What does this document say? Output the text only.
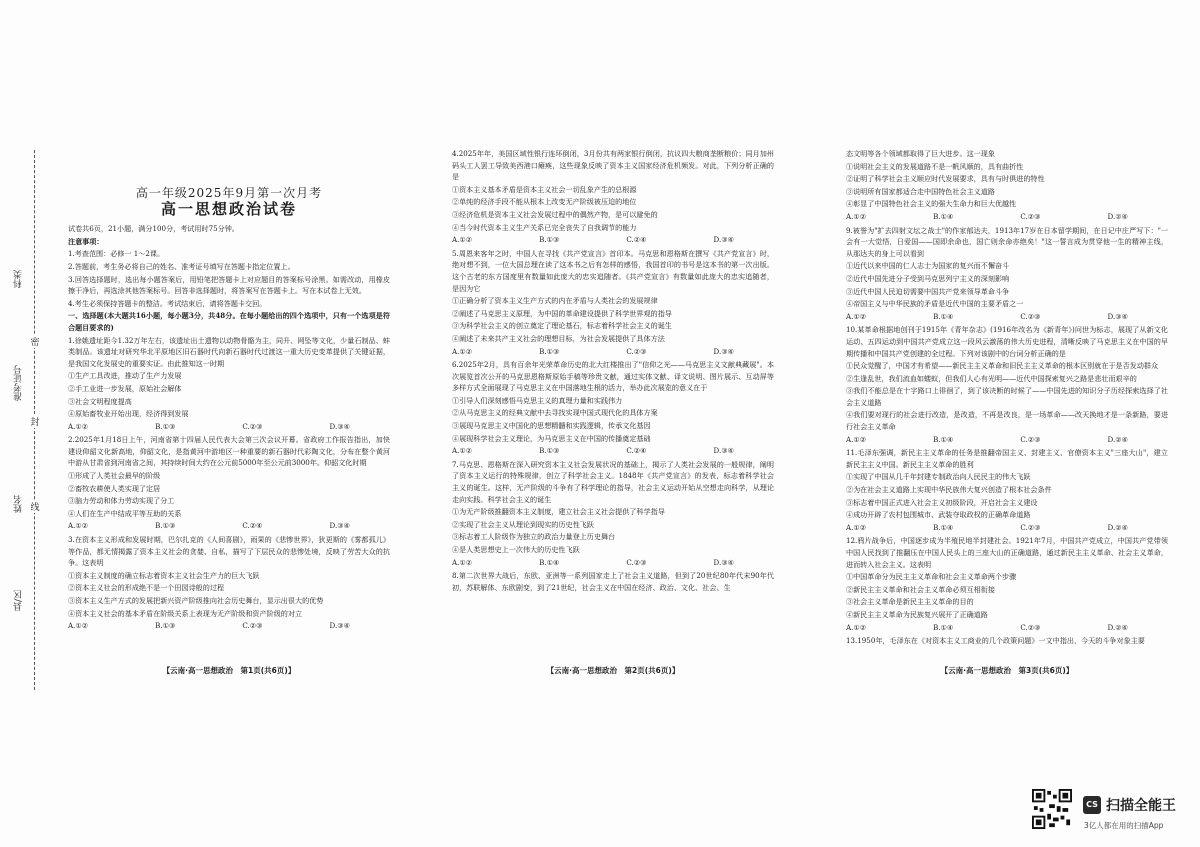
科类
准考证号
姓名
县/区
密
封
线
高一年级2025年9月第一次月考
高一思想政治试卷

试卷共6页，21小题，满分100分，考试用时75分钟。

注意事项：

1.考查范围：必修一 1～2课。

2.答题前，考生务必将自己的姓名、准考证号填写在答题卡指定位置上。

3.回答选择题时，选出每小题答案后，用铅笔把答题卡上对应题目的答案标号涂黑。如需改动，用橡皮擦干净后，再选涂其他答案标号。回答非选择题时，将答案写在答题卡上。写在本试卷上无效。

4.考生必须保持答题卡的整洁。考试结束后，请将答题卡交回。

一、选择题(本大题共16小题，每小题3分，共48分。在每小题给出的四个选项中，只有一个选项是符合题目要求的)

1.徐姚遗址距今1.32万年左右，该遗址出土遗物以动物骨骼为主，同升、网坠等文化，少量石制品、蚌类制品。该遗址对研究华北平原地区旧石器时代向新石器时代过渡这一重大历史变革提供了关键证据，是我国文化发展史的重要实证。由此推知这一时期

①生产工具改进，推动了生产力发展

②手工业进一步发展，原始社会解体

③社会文明程度提高

④原始畜牧业开始出现，经济得到发展

A.①②	B.①③	C.②③	D.③④

2.2025年1月18日上午，河南省第十四届人民代表大会第三次会议开幕。省政府工作报告指出，加快建设仰韶文化新高地，仰韶文化，是指黄河中游地区一种重要的新石器时代彩陶文化，分布在整个黄河中游从甘肃省到河南省之间，其持续时间大约在公元前5000年至公元前3000年。仰韶文化时期

①形成了人类社会最早的阶级

②畜牧农耕使人类实现了定居

③脑力劳动和体力劳动实现了分工

④人们在生产中结成平等互助的关系

A.①②	B.①③	C.②④	D.③④

3.在资本主义形成和发展时期，巴尔扎克的《人间喜剧》，雨果的《悲惨世界》，狄更斯的《雾都孤儿》等作品，都无情揭露了资本主义社会的贪婪、自私，描写了下层民众的悲惨处境，反映了劳苦大众的抗争。这表明

①资本主义制度的确立标志着资本主义社会生产力的巨大飞跃

②资本主义社会的形成绝不是一个田园诗般的过程

③资本主义生产方式的发展把新兴资产阶级推向社会历史舞台，显示出很大的优势

④资本主义社会的基本矛盾在阶级关系上表现为无产阶级和资产阶级的对立

A.①②	B.①③	C.②③	D.③④
【云南·高一思想政治　第1页(共6页)】

4.2025年年，美国区域性银行连环倒闭，3月份共有两家银行倒闭，抗议四大粮商垄断粮价；同月加州码头工人罢工导致美西港口瘫痪，这些现象反映了资本主义国家经济危机频发。对此，下列分析正确的是

①资本主义基本矛盾是资本主义社会一切乱象产生的总根源

②单纯的经济手段不能从根本上改变无产阶级被压迫的地位

③经济危机是资本主义社会发展过程中的偶然产物，是可以避免的

④当今时代资本主义生产关系已完全丧失了自我调节的能力

A.①②	B.①③	C.②④	D.③④

5.周恩来客年之时，中国人在寻找《共产党宣言》首印本。马克思和恩格斯在撰写《共产党宣言》时，绝对想不到，一位大国总理在读了这本书之后有怎样的感悟，我国首印的书号是这本书的第一次出版。这个古老的东方国度里有数量如此庞大的忠实追随者。《共产党宣言》有数量如此庞大的忠实追随者，是因为它

①正确分析了资本主义生产方式的内在矛盾与人类社会的发展规律

②阐述了马克思主义原理，为中国的革命建设提供了科学世界观的指导

③为科学社会主义的创立奠定了理论基石，标志着科学社会主义的诞生

④阐述了未来共产主义社会的理想目标，为社会发展提供了具体方法

A.①②	B.①③	C.②③	D.③④

6.2025年2月，具有百余年光荣革命历史的北大红楼推出了"信仰之光——马克思主义文献典藏展"。本次展览首次公开的马克思恩格斯原始手稿等珍贵文献，通过实体文献、译文说明、图片展示、互动屏等多样方式全面展现了马克思主义在中国落地生根的活力，举办此次展览的意义在于

①引导人们深刻感悟马克思主义的真理力量和实践伟力

②从马克思主义的经典文献中去寻找实现中国式现代化的具体方案

③展现马克思主义中国化的思想精髓和实践逻辑，传承文化基因

④展现科学社会主义理论，为马克思主义在中国的传播奠定基础

A.①②	B.①③	C.②④	D.③④

7.马克思、恩格斯在深入研究资本主义社会发展状况的基础上，揭示了人类社会发展的一般规律，阐明了资本主义运行的特殊规律，创立了科学社会主义。1848年《共产党宣言》的发表，标志着科学社会主义的诞生。这样，无产阶级的斗争有了科学理论的指导，社会主义运动开始从空想走向科学，从理论走向实践。科学社会主义的诞生

①为无产阶级推翻资本主义制度，建立社会主义社会提供了科学指导

②实现了社会主义从理论到现实的历史性飞跃

③标志着工人阶级作为独立的政治力量登上历史舞台

④是人类思想史上一次伟大的历史性飞跃

A.①②	B.①④	C.②③	D.③④

8.第二次世界大战后，东欧、亚洲等一系列国家走上了社会主义道路，但到了20世纪80年代末90年代初，苏联解体、东欧剧变，到了21世纪，社会主义在中国在经济、政治、文化、社会、生

【云南·高一思想政治　第2页(共6页)】

态文明等各个领域都取得了巨大进步。这一现象

①说明社会主义的发展道路不是一帆风顺的，具有曲折性

②证明了科学社会主义顺应时代发展要求，具有与时俱进的特性

③说明所有国家都适合走中国特色社会主义道路

④彰显了中国特色社会主义的强大生命力和巨大优越性

A.①②	B.①④	C.②③	D.②④

9.被誉为"扩去四射文坛之战士"的作家郁达夫，1913年17岁在日本留学期间，在日记中庄严写下："一会有一大觉悟，日爱国——国即余命也，国亡则余命亦绝矣！"这一誓言成为贯穿他一生的精神主线，从那达夫的身上可以看到

①近代以来中国的仁人志士为国家的复兴而不懈奋斗

②近代中国先进分子受到马克思列宁主义的深刻影响

③近代中国人民迫切需要中国共产党来领导革命斗争

④帝国主义与中华民族的矛盾是近代中国的主要矛盾之一

A.①②	B.①④	C.②③	D.③④

10.某革命根据地创刊于1915年《青年杂志》(1916年改名为《新青年》)问世为标志，展现了从新文化运动、五四运动到中国共产党成立这一段风云激荡的伟大历史进程，清晰反映了马克思主义在中国的早期传播和中国共产党创建的全过程。下列对该剧中的台词分析正确的是

①民众觉醒了，中国才有希望——新民主主义革命和旧民主主义革命的根本区别就在于是否发动群众

②生逢乱世，我们流血如蝼蚁，但我们人心有光明——近代中国探索复兴之路是悲壮而艰辛的

③我们不能总是在十字路口上徘徊了，到了该决断的时候了——中国先进的知识分子历经探索选择了社会主义道路

④我们要对现行的社会进行改造，是改造，不再是改良，是一场革命——改天换地才是一条新路，要进行社会主义革命

A.①②	B.①④	C.②③	D.②④

11.毛泽东强调，新民主主义革命的任务是推翻帝国主义、封建主义、官僚资本主义"三座大山"，建立新民主主义中国。新民主主义革命的胜利

①实现了中国从几千年封建专制政治向人民民主的伟大飞跃

②为在社会主义道路上实现中华民族伟大复兴创造了根本社会条件

③标志着中国正式进入社会主义初级阶段，开启社会主义建设

④成功开辟了农村包围城市、武装夺取政权的正确革命道路

A.①②	B.①④	C.②③	D.②④

12.鸦片战争后，中国逐步成为半殖民地半封建社会。1921年7月，中国共产党成立，中国共产党带领中国人民找到了推翻压在中国人民头上的三座大山的正确道路，通过新民主主义革命、社会主义革命，进而转入社会主义。这表明

①中国革命分为民主主义革命和社会主义革命两个步骤

②新民主主义革命和社会主义革命必须互相衔接

③社会主义革命是新民主主义革命的目的

④新民主主义革命为民族复兴展开了正确道路

A.①②	B.①④	C.②③	D.②④

13.1950年，毛泽东在《对资本主义工商业的几个政策问题》一文中指出，今天的斗争对象主要

【云南·高一思想政治　第3页(共6页)】
CS 扫描全能王
3亿人都在用的扫描App
